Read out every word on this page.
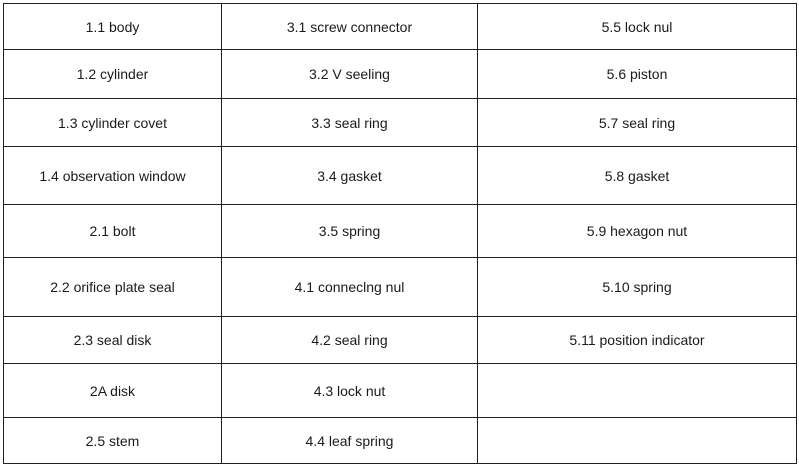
1.1 body	3.1 screw connector	5.5 lock nul
1.2 cylinder	3.2 V seeling	5.6 piston
1.3 cylinder covet	3.3 seal ring	5.7 seal ring
1.4 observation window	3.4 gasket	5.8 gasket
2.1 bolt	3.5 spring	5.9 hexagon nut
2.2 orifice plate seal	4.1 conneclng nul	5.10 spring
2.3 seal disk	4.2 seal ring	5.11 position indicator
2A disk	4.3 lock nut	
2.5 stem	4.4 leaf spring	
